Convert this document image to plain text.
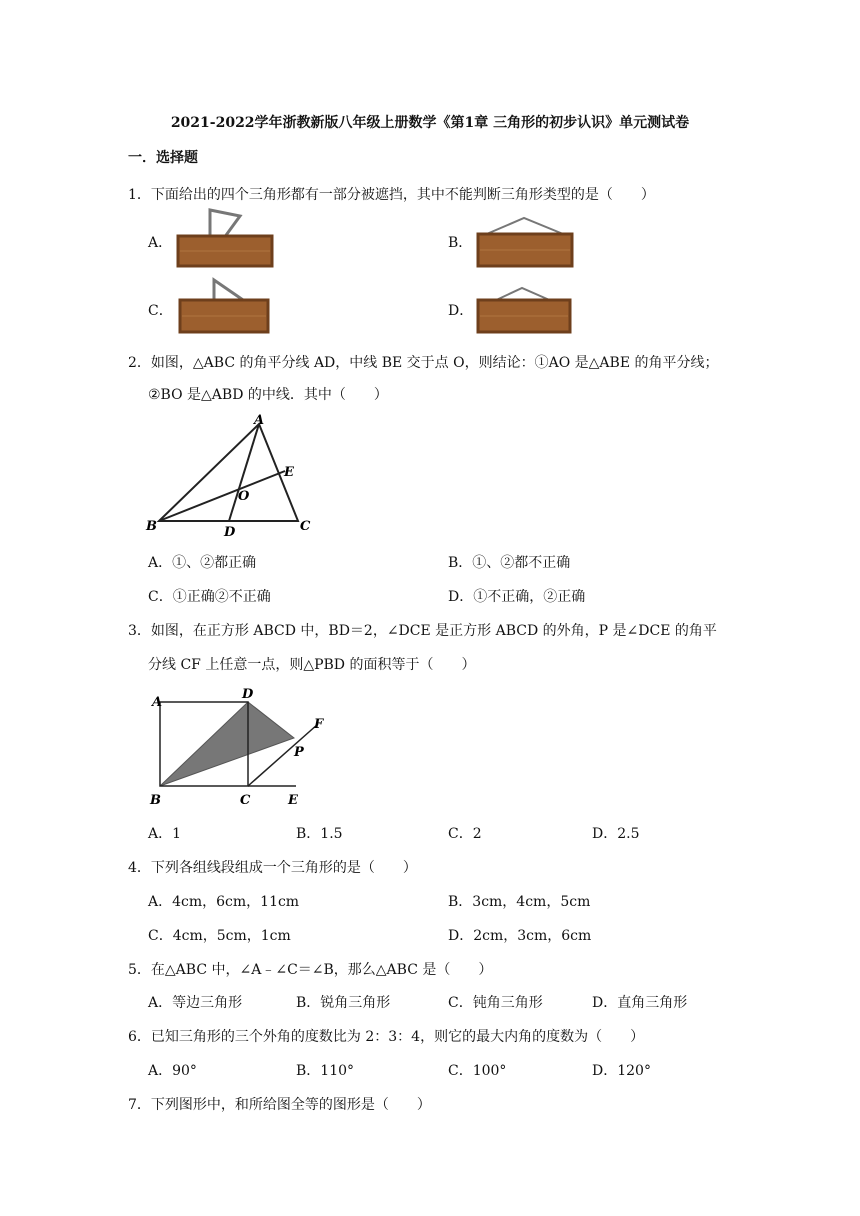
2021-2022学年浙教新版八年级上册数学《第1章 三角形的初步认识》单元测试卷
一．选择题
1．下面给出的四个三角形都有一部分被遮挡，其中不能判断三角形类型的是（　　）
A．	B．
C．	D．
2．如图，△ABC 的角平分线 AD，中线 BE 交于点 O，则结论：①AO 是△ABE 的角平分线；
②BO 是△ABD 的中线．其中（　　）
A
E
O
B	D	C
A．①、②都正确	B．①、②都不正确
C．①正确②不正确	D．①不正确，②正确
3．如图，在正方形 ABCD 中，BD＝2，∠DCE 是正方形 ABCD 的外角，P 是∠DCE 的角平
分线 CF 上任意一点，则△PBD 的面积等于（　　）
A
D
F
P
B	C	E
A．1	B．1.5	C．2	D．2.5
4．下列各组线段组成一个三角形的是（　　）
A．4cm，6cm，11cm	B．3cm，4cm，5cm
C．4cm，5cm，1cm	D．2cm，3cm，6cm
5．在△ABC 中，∠A﹣∠C＝∠B，那么△ABC 是（　　）
A．等边三角形	B．锐角三角形	C．钝角三角形	D．直角三角形
6．已知三角形的三个外角的度数比为 2：3：4，则它的最大内角的度数为（　　）
A．90°	B．110°	C．100°	D．120°
7．下列图形中，和所给图全等的图形是（　　）
